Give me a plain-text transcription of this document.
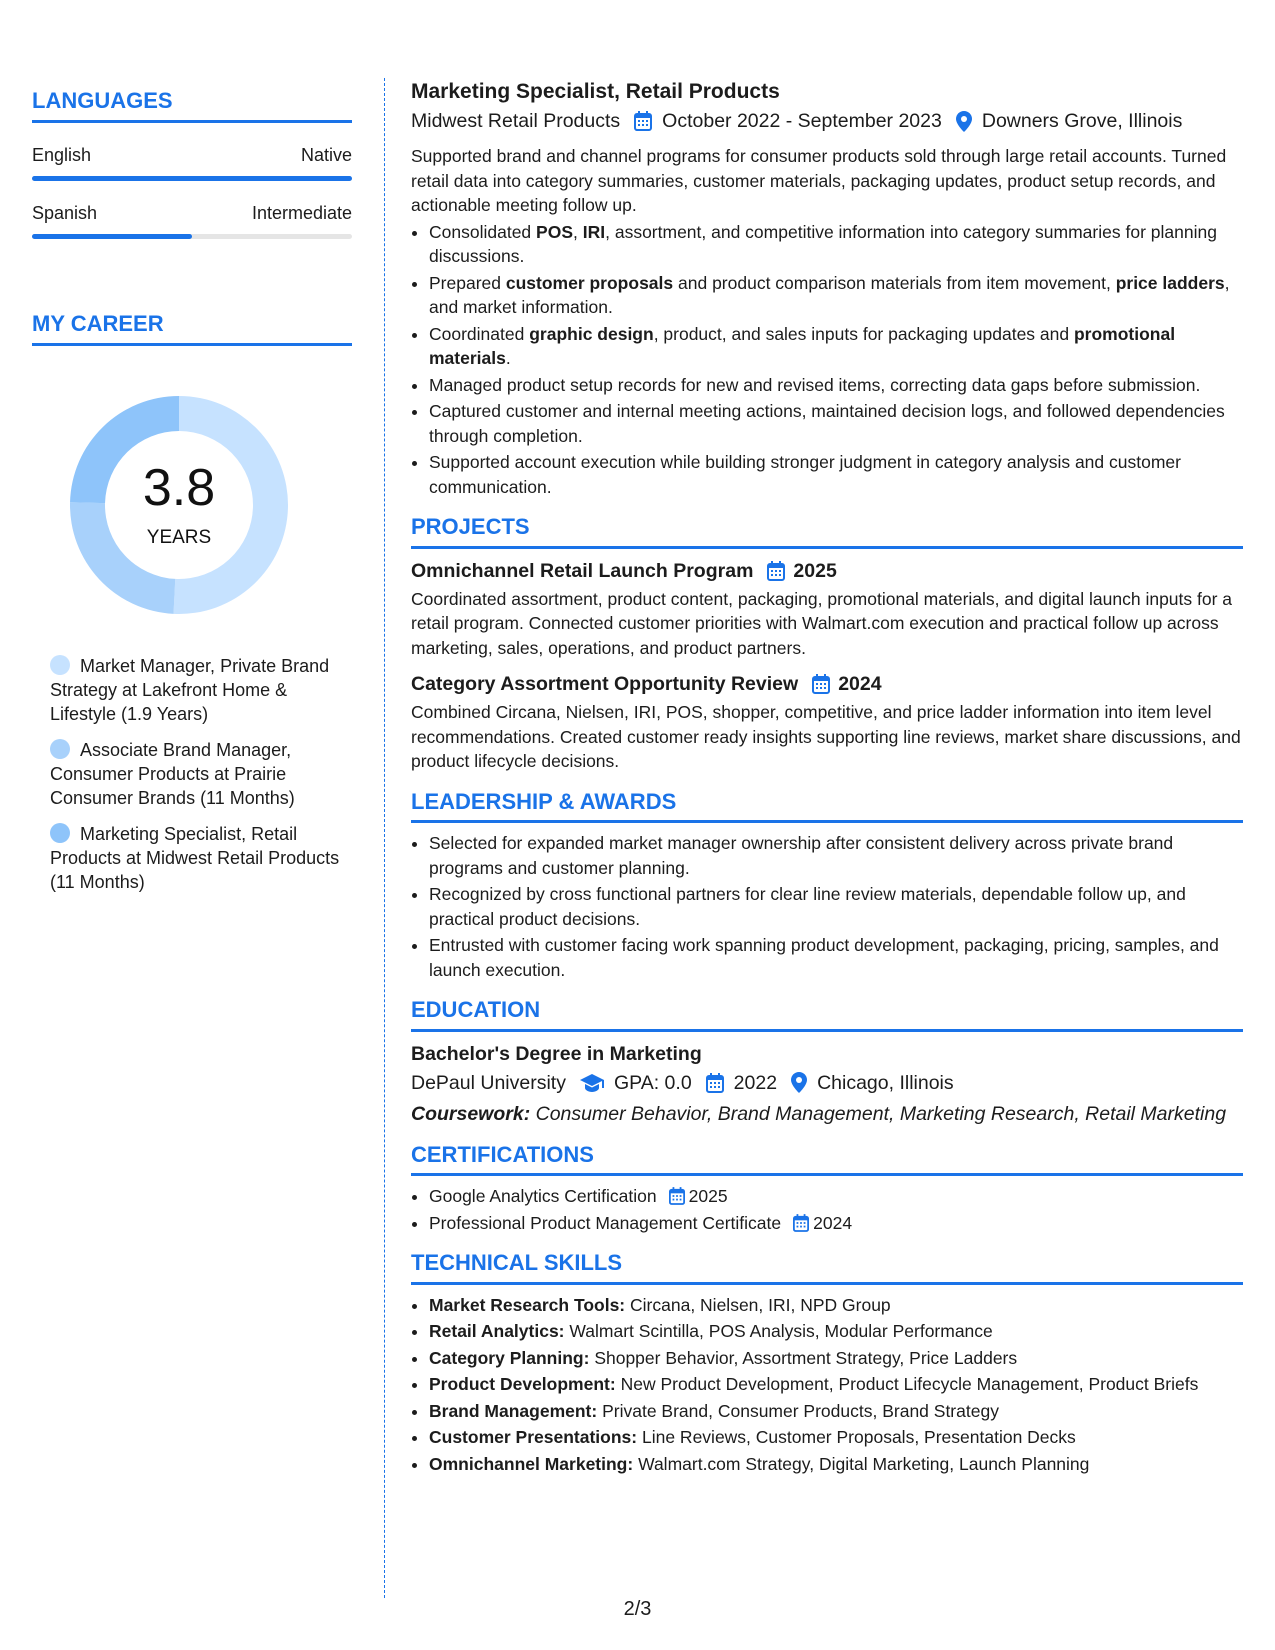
LANGUAGES
English	Native
Spanish	Intermediate
MY CAREER
3.8
YEARS
Market Manager, Private Brand Strategy at Lakefront Home & Lifestyle (1.9 Years)
Associate Brand Manager, Consumer Products at Prairie Consumer Brands (11 Months)
Marketing Specialist, Retail Products at Midwest Retail Products (11 Months)
Marketing Specialist, Retail Products
Midwest Retail Products October 2022 - September 2023 Downers Grove, Illinois

Supported brand and channel programs for consumer products sold through large retail accounts. Turned retail data into category summaries, customer materials, packaging updates, product setup records, and actionable meeting follow up.

• Consolidated POS, IRI, assortment, and competitive information into category summaries for planning discussions.
• Prepared customer proposals and product comparison materials from item movement, price ladders, and market information.
• Coordinated graphic design, product, and sales inputs for packaging updates and promotional materials.
• Managed product setup records for new and revised items, correcting data gaps before submission.
• Captured customer and internal meeting actions, maintained decision logs, and followed dependencies through completion.
• Supported account execution while building stronger judgment in category analysis and customer communication.
PROJECTS
Omnichannel Retail Launch Program 2025

Coordinated assortment, product content, packaging, promotional materials, and digital launch inputs for a retail program. Connected customer priorities with Walmart.com execution and practical follow up across marketing, sales, operations, and product partners.

Category Assortment Opportunity Review 2024

Combined Circana, Nielsen, IRI, POS, shopper, competitive, and price ladder information into item level recommendations. Created customer ready insights supporting line reviews, market share discussions, and product lifecycle decisions.

LEADERSHIP & AWARDS
• Selected for expanded market manager ownership after consistent delivery across private brand programs and customer planning.
• Recognized by cross functional partners for clear line review materials, dependable follow up, and practical product decisions.
• Entrusted with customer facing work spanning product development, packaging, pricing, samples, and launch execution.
EDUCATION
Bachelor's Degree in Marketing
DePaul University GPA: 0.0 2022 Chicago, Illinois
Coursework: Consumer Behavior, Brand Management, Marketing Research, Retail Marketing
CERTIFICATIONS
• Google Analytics Certification 2025
• Professional Product Management Certificate 2024
TECHNICAL SKILLS
• Market Research Tools: Circana, Nielsen, IRI, NPD Group
• Retail Analytics: Walmart Scintilla, POS Analysis, Modular Performance
• Category Planning: Shopper Behavior, Assortment Strategy, Price Ladders
• Product Development: New Product Development, Product Lifecycle Management, Product Briefs
• Brand Management: Private Brand, Consumer Products, Brand Strategy
• Customer Presentations: Line Reviews, Customer Proposals, Presentation Decks
• Omnichannel Marketing: Walmart.com Strategy, Digital Marketing, Launch Planning
2/3
